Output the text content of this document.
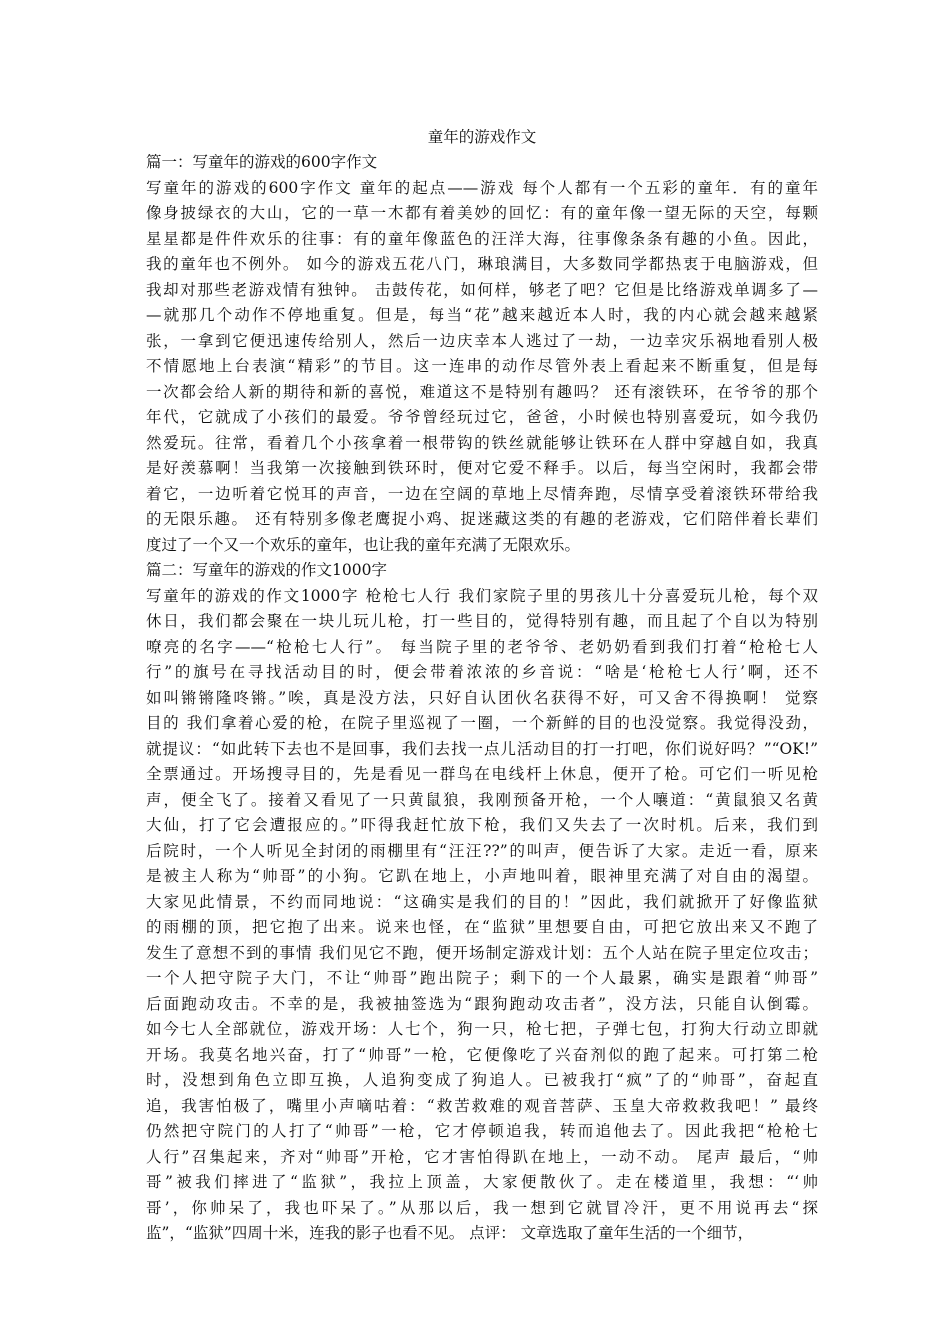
童年的游戏作文
篇一：写童年的游戏的600字作文
写童年的游戏的600字作文 童年的起点——游戏 每个人都有一个五彩的童年．有的童年
像身披绿衣的大山，它的一草一木都有着美妙的回忆：有的童年像一望无际的天空，每颗
星星都是件件欢乐的往事：有的童年像蓝色的汪洋大海，往事像条条有趣的小鱼。因此，
我的童年也不例外。 如今的游戏五花八门，琳琅满目，大多数同学都热衷于电脑游戏，但
我却对那些老游戏情有独钟。 击鼓传花，如何样，够老了吧？它但是比络游戏单调多了—
—就那几个动作不停地重复。但是，每当“花”越来越近本人时，我的内心就会越来越紧
张，一拿到它便迅速传给别人，然后一边庆幸本人逃过了一劫，一边幸灾乐祸地看别人极
不情愿地上台表演“精彩”的节目。这一连串的动作尽管外表上看起来不断重复，但是每
一次都会给人新的期待和新的喜悦，难道这不是特别有趣吗？ 还有滚铁环，在爷爷的那个
年代，它就成了小孩们的最爱。爷爷曾经玩过它，爸爸，小时候也特别喜爱玩，如今我仍
然爱玩。往常，看着几个小孩拿着一根带钩的铁丝就能够让铁环在人群中穿越自如，我真
是好羡慕啊！当我第一次接触到铁环时，便对它爱不释手。以后，每当空闲时，我都会带
着它，一边听着它悦耳的声音，一边在空阔的草地上尽情奔跑，尽情享受着滚铁环带给我
的无限乐趣。 还有特别多像老鹰捉小鸡、捉迷藏这类的有趣的老游戏，它们陪伴着长辈们
度过了一个又一个欢乐的童年，也让我的童年充满了无限欢乐。
篇二：写童年的游戏的作文1000字
写童年的游戏的作文1000字 枪枪七人行 我们家院子里的男孩儿十分喜爱玩儿枪，每个双
休日，我们都会聚在一块儿玩儿枪，打一些目的，觉得特别有趣，而且起了个自以为特别
嘹亮的名字——“枪枪七人行”。 每当院子里的老爷爷、老奶奶看到我们打着“枪枪七人
行”的旗号在寻找活动目的时，便会带着浓浓的乡音说：“啥是‘枪枪七人行’啊，还不
如叫锵锵隆咚锵。”唉，真是没方法，只好自认团伙名获得不好，可又舍不得换啊！ 觉察
目的 我们拿着心爱的枪，在院子里巡视了一圈，一个新鲜的目的也没觉察。我觉得没劲，
就提议：“如此转下去也不是回事，我们去找一点儿活动目的打一打吧，你们说好吗？”“OK!”
全票通过。开场搜寻目的，先是看见一群鸟在电线杆上休息，便开了枪。可它们一听见枪
声，便全飞了。接着又看见了一只黄鼠狼，我刚预备开枪，一个人嚷道：“黄鼠狼又名黄
大仙，打了它会遭报应的。”吓得我赶忙放下枪，我们又失去了一次时机。后来，我们到
后院时，一个人听见全封闭的雨棚里有“汪汪??”的叫声，便告诉了大家。走近一看，原来
是被主人称为“帅哥”的小狗。它趴在地上，小声地叫着，眼神里充满了对自由的渴望。
大家见此情景，不约而同地说：“这确实是我们的目的！”因此，我们就掀开了好像监狱
的雨棚的顶，把它抱了出来。说来也怪，在“监狱”里想要自由，可把它放出来又不跑了
发生了意想不到的事情 我们见它不跑，便开场制定游戏计划：五个人站在院子里定位攻击；
一个人把守院子大门，不让“帅哥”跑出院子；剩下的一个人最累，确实是跟着“帅哥”
后面跑动攻击。不幸的是，我被抽签选为“跟狗跑动攻击者”，没方法，只能自认倒霉。
如今七人全部就位，游戏开场：人七个，狗一只，枪七把，子弹七包，打狗大行动立即就
开场。我莫名地兴奋，打了“帅哥”一枪，它便像吃了兴奋剂似的跑了起来。可打第二枪
时，没想到角色立即互换，人追狗变成了狗追人。已被我打“疯”了的“帅哥”，奋起直
追，我害怕极了，嘴里小声嘀咕着：“救苦救难的观音菩萨、玉皇大帝救救我吧！” 最终
仍然把守院门的人打了“帅哥”一枪，它才停顿追我，转而追他去了。因此我把“枪枪七
人行”召集起来，齐对“帅哥”开枪，它才害怕得趴在地上，一动不动。 尾声 最后，“帅
哥”被我们摔进了“监狱”，我拉上顶盖，大家便散伙了。走在楼道里，我想：“‘帅
哥’，你帅呆了，我也吓呆了。”从那以后，我一想到它就冒冷汗，更不用说再去“探
监”，“监狱”四周十米，连我的影子也看不见。 点评： 文章选取了童年生活的一个细节，
